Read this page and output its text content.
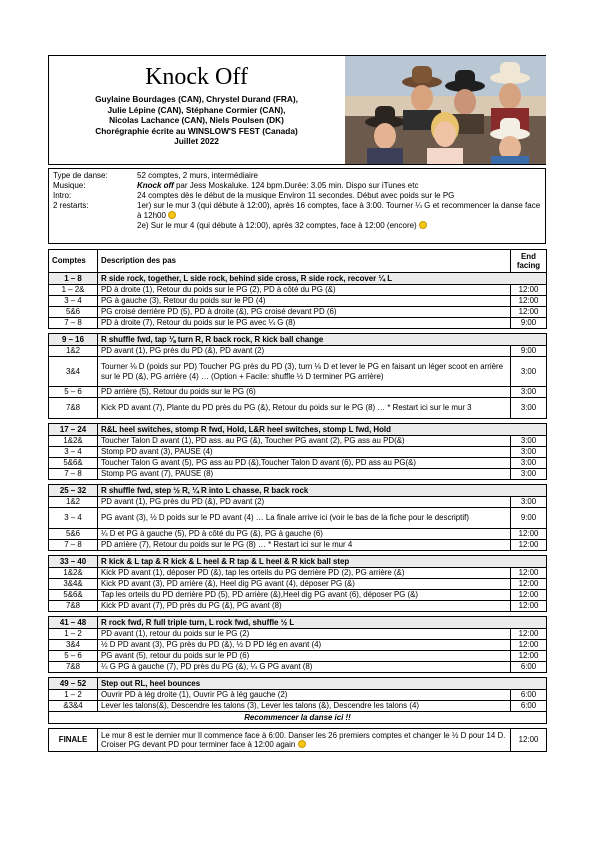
Knock Off
Guylaine Bourdages (CAN), Chrystel Durand (FRA),
Julie Lépine (CAN), Stéphane Cormier (CAN),
Nicolas Lachance (CAN), Niels Poulsen (DK)
Chorégraphie écrite au WINSLOW'S FEST (Canada)
Juillet 2022
Type de danse:	52 comptes, 2 murs, intermédiaire
Musique:	Knock off par Jess Moskaluke. 124 bpm.Durée: 3.05 min. Dispo sur iTunes etc
Intro:	24 comptes dès le début de la musique Environ 11 secondes. Début avec poids sur le PG
2 restarts:	1er) sur le mur 3 (qui débute à 12:00), après 16 comptes, face à 3:00. Tourner ¼ G et recommencer la danse face à 12h00
2e) Sur le mur 4 (qui débute à 12:00), après 32 comptes, face à 12:00 (encore)
Comptes	Description des pas	End facing
1 – 8	R side rock, together, L side rock, behind side cross, R side rock, recover ¼ L	
1 – 2&	PD à droite (1), Retour du poids sur le PG (2), PD à côté du PG (&)	12:00
3 – 4	PG à gauche (3), Retour du poids sur le PD (4)	12:00
5&6	PG croisé derrière PD (5), PD à droite (&), PG croisé devant PD (6)	12:00
7 – 8	PD à droite (7), Retour du poids sur le PG avec ¼ G (8)	9:00

9 – 16	R shuffle fwd, tap ⅛ turn R, R back rock, R kick ball change	
1&2	PD avant (1), PG près du PD (&), PD avant (2)	9:00
3&4	Tourner ⅛ D (poids sur PD) Toucher PG près du PD (3), turn ⅛ D et lever le PG en faisant un léger scoot en arrière sur le PD (&), PG arrière (4) … (Option + Facile: shuffle ½ D terminer PG arrière)	3:00
5 – 6	PD arrière (5), Retour du poids sur le PG (6)	3:00
7&8	Kick PD avant (7), Plante du PD près du PG (&), Retour du poids sur le PG (8) … * Restart ici sur le mur 3	3:00

17 – 24	R&L heel switches, stomp R fwd, Hold, L&R heel switches, stomp L fwd, Hold	
1&2&	Toucher Talon D avant (1), PD ass. au PG (&), Toucher PG avant (2), PG ass au PD(&)	3:00
3 – 4	Stomp PD avant (3), PAUSE (4)	3:00
5&6&	Toucher Talon G avant (5), PG ass au PD (&),Toucher Talon D avant (6), PD ass au PG(&)	3:00
7 – 8	Stomp PG avant (7), PAUSE (8)	3:00

25 – 32	R shuffle fwd, step ½ R, ¼ R into L chasse, R back rock	
1&2	PD avant (1), PG près du PD (&), PD avant (2)	3:00
3 – 4	PG avant (3), ½ D poids sur le PD avant (4) … La finale arrive ici (voir le bas de la fiche pour le descriptif)	9:00
5&6	¼ D et PG à gauche (5), PD à côté du PG (&), PG à gauche (6)	12:00
7 – 8	PD arrière (7), Retour du poids sur le PG (8) … * Restart ici sur le mur 4	12:00

33 – 40	R kick & L tap & R kick & L heel & R tap & L heel & R kick ball step	
1&2&	Kick PD avant (1), déposer PD (&), tap les orteils du PG derrière PD (2), PG arrière (&)	12:00
3&4&	Kick PD avant (3), PD arrière (&), Heel dig PG avant (4), déposer PG (&)	12:00
5&6&	Tap les orteils du PD derrière PD (5), PD arrière (&),Heel dig PG avant (6), déposer PG (&)	12:00
7&8	Kick PD avant (7), PD près du PG (&), PG avant (8)	12:00

41 – 48	R rock fwd, R full triple turn, L rock fwd, shuffle ½ L	
1 – 2	PD avant (1), retour du poids sur le PG (2)	12:00
3&4	½ D PD avant (3), PG près du PD (&), ½ D PD lég en avant (4)	12:00
5 – 6	PG avant (5), retour du poids sur le PD (6)	12:00
7&8	¼ G PG à gauche (7), PD près du PG (&), ¼ G PG avant (8)	6:00

49 – 52	Step out RL, heel bounces	
1 – 2	Ouvrir PD à lég droite (1), Ouvrir PG à lég gauche (2)	6:00
&3&4	Lever les talons(&), Descendre les talons (3), Lever les talons (&), Descendre les talons (4)	6:00
Recommencer la danse ici !!		

FINALE	Le mur 8 est le dernier mur Il commence face à 6:00. Danser les 26 premiers comptes et changer le ½ D pour 14 D. Croiser PG devant PD pour terminer face à 12:00 again	12:00
